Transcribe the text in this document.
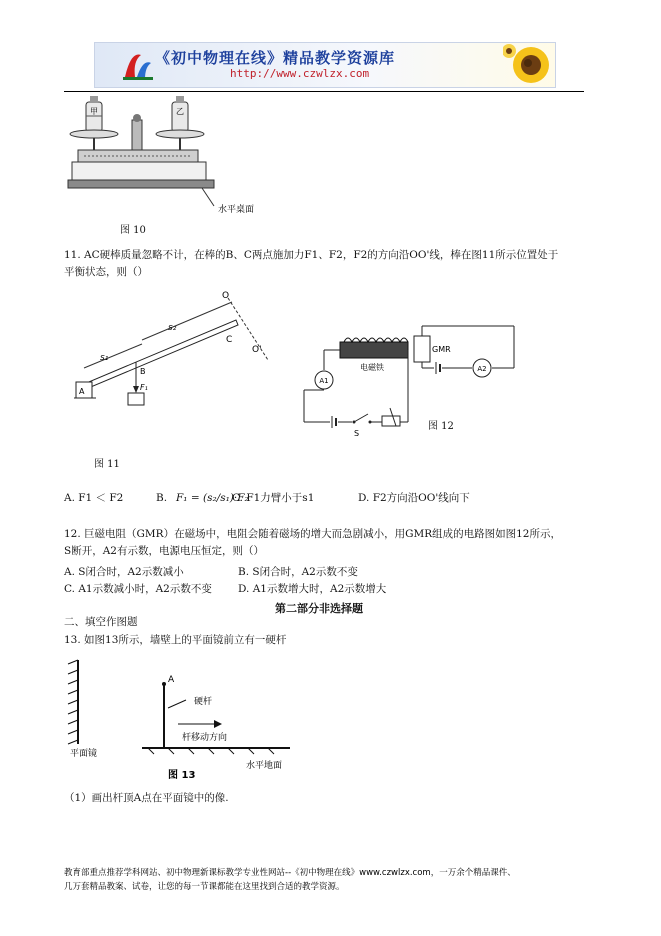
《初中物理在线》精品教学资源库
http://www.czwlzx.com
甲	乙
水平桌面
图 10
11. AC硬棒质量忽略不计，在棒的B、C两点施加力F1、F2，F2的方向沿OO'线，棒在图11所示位置处于
平衡状态，则（）
O
O'
C
s₁
s₂
A
B
F₁
图 11
电磁铁
GMR
A2
A1
S
图 12
A. F1 ＜ F2	B. F₁ = (s₂/s₁)·F₂
C. F1力臂小于s1	D. F2方向沿OO'线向下
12. 巨磁电阻（GMR）在磁场中，电阻会随着磁场的增大而急剧减小，用GMR组成的电路图如图12所示，
S断开，A2有示数，电源电压恒定，则（）
A. S闭合时，A2示数减小	B. S闭合时，A2示数不变
C. A1示数减小时，A2示数不变 D. A1示数增大时，A2示数增大
第二部分非选择题
二、填空作图题
13. 如图13所示，墙壁上的平面镜前立有一硬杆
平面镜
A
硬杆
杆移动方向
水平地面
图 13
（1）画出杆顶A点在平面镜中的像.
教育部重点推荐学科网站、初中物理新课标教学专业性网站--《初中物理在线》www.czwlzx.com，一万余个精品课件、
几万套精品教案、试卷，让您的每一节课都能在这里找到合适的教学资源。
